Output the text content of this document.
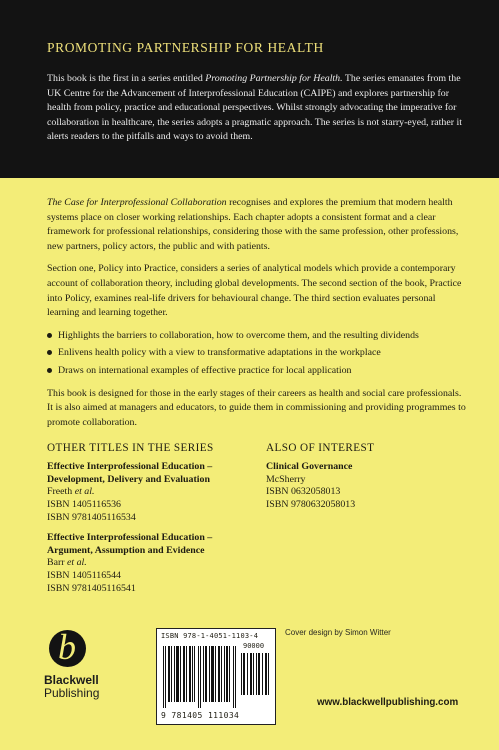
PROMOTING PARTNERSHIP FOR HEALTH
This book is the first in a series entitled Promoting Partnership for Health. The series emanates from the UK Centre for the Advancement of Interprofessional Education (CAIPE) and explores partnership for health from policy, practice and educational perspectives. Whilst strongly advocating the imperative for collaboration in healthcare, the series adopts a pragmatic approach. The series is not starry-eyed, rather it alerts readers to the pitfalls and ways to avoid them.

The Case for Interprofessional Collaboration recognises and explores the premium that modern health systems place on closer working relationships. Each chapter adopts a consistent format and a clear framework for professional relationships, considering those with the same profession, other professions, new partners, policy actors, the public and with patients.

Section one, Policy into Practice, considers a series of analytical models which provide a contemporary account of collaboration theory, including global developments. The second section of the book, Practice into Policy, examines real-life drivers for behavioural change. The third section evaluates personal learning and learning together.

Highlights the barriers to collaboration, how to overcome them, and the resulting dividends
Enlivens health policy with a view to transformative adaptations in the workplace
Draws on international examples of effective practice for local application

This book is designed for those in the early stages of their careers as health and social care professionals. It is also aimed at managers and educators, to guide them in commissioning and providing programmes to promote collaboration.

OTHER TITLES IN THE SERIES
Effective Interprofessional Education – Development, Delivery and Evaluation
Freeth et al.
ISBN 1405116536
ISBN 9781405116534
Effective Interprofessional Education – Argument, Assumption and Evidence
Barr et al.
ISBN 1405116544
ISBN 9781405116541
ALSO OF INTEREST
Clinical Governance
McSherry
ISBN 0632058013
ISBN 9780632058013
b
Blackwell
Publishing
ISBN 978-1-4051-1103-4
90000
9 781405 111034
Cover design by Simon Witter
www.blackwellpublishing.com
